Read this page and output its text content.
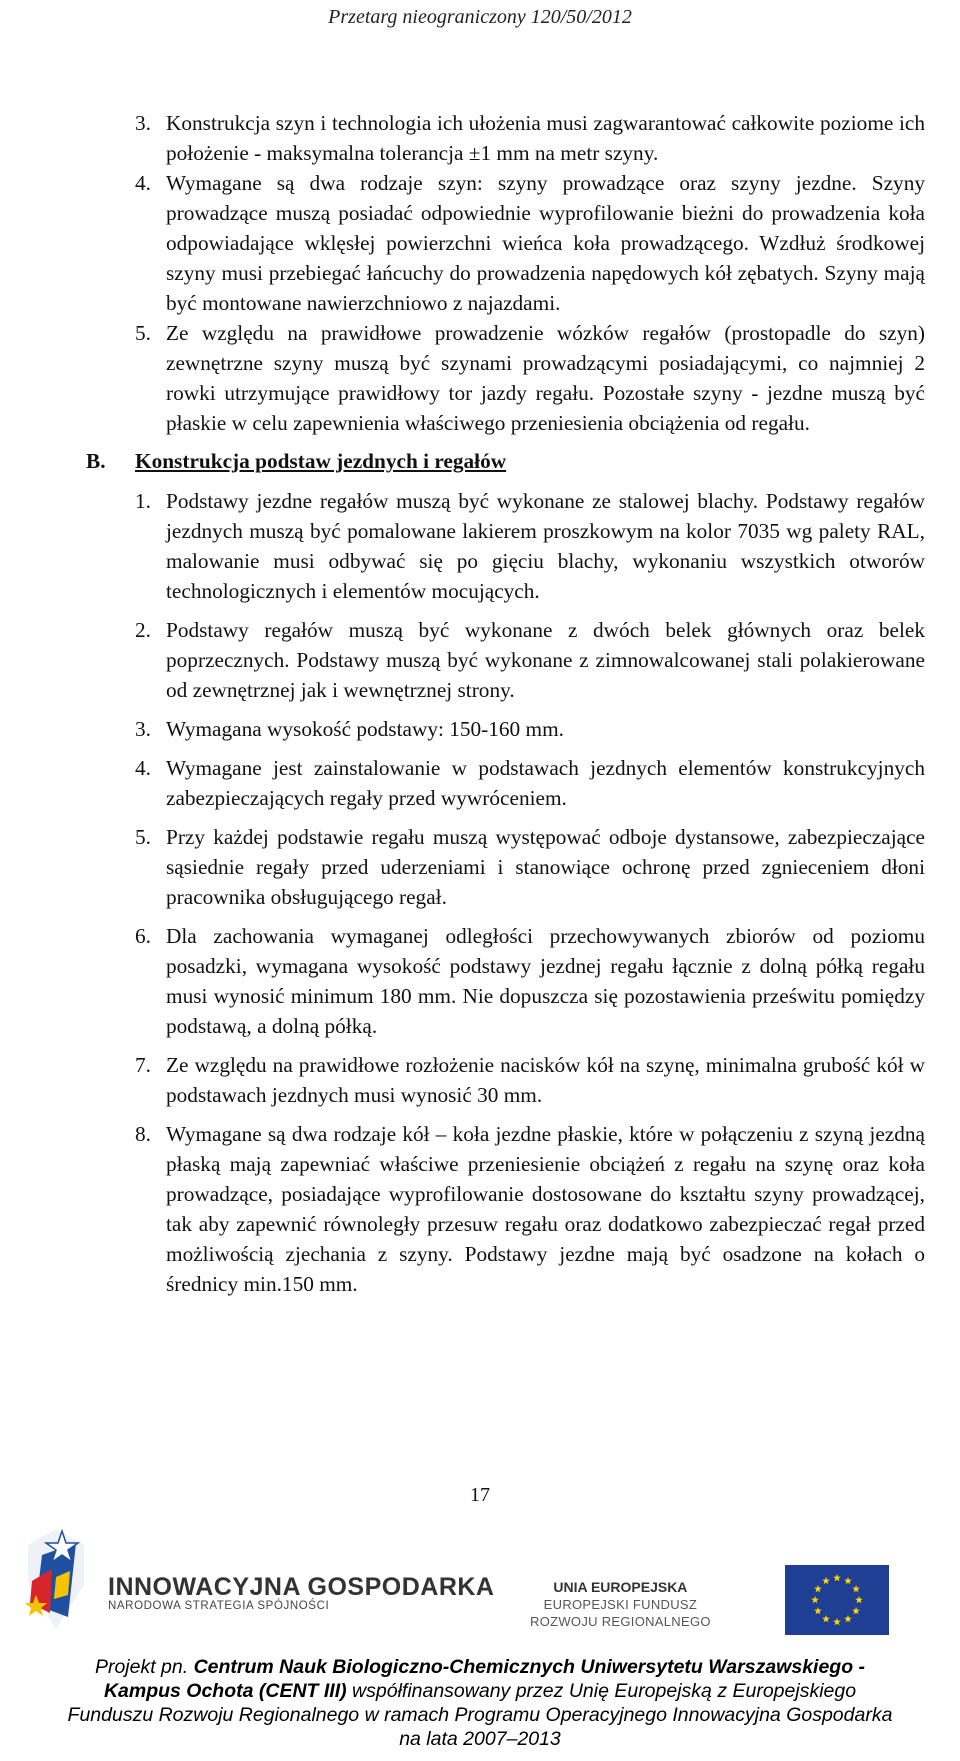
Przetarg nieograniczony 120/50/2012
3. Konstrukcja szyn i technologia ich ułożenia musi zagwarantować całkowite poziome ich położenie - maksymalna tolerancja ±1 mm na metr szyny.
4. Wymagane są dwa rodzaje szyn: szyny prowadzące oraz szyny jezdne. Szyny prowadzące muszą posiadać odpowiednie wyprofilowanie bieżni do prowadzenia koła odpowiadające wklęsłej powierzchni wieńca koła prowadzącego. Wzdłuż środkowej szyny musi przebiegać łańcuchy do prowadzenia napędowych kół zębatych. Szyny mają być montowane nawierzchniowo z najazdami.
5. Ze względu na prawidłowe prowadzenie wózków regałów (prostopadle do szyn) zewnętrzne szyny muszą być szynami prowadzącymi posiadającymi, co najmniej 2 rowki utrzymujące prawidłowy tor jazdy regału. Pozostałe szyny - jezdne muszą być płaskie w celu zapewnienia właściwego przeniesienia obciążenia od regału.
B. Konstrukcja podstaw jezdnych i regałów
1. Podstawy jezdne regałów muszą być wykonane ze stalowej blachy. Podstawy regałów jezdnych muszą być pomalowane lakierem proszkowym na kolor 7035 wg palety RAL, malowanie musi odbywać się po gięciu blachy, wykonaniu wszystkich otworów technologicznych i elementów mocujących.
2. Podstawy regałów muszą być wykonane z dwóch belek głównych oraz belek poprzecznych. Podstawy muszą być wykonane z zimnowalcowanej stali polakierowane od zewnętrznej jak i wewnętrznej strony.
3. Wymagana wysokość podstawy: 150-160 mm.
4. Wymagane jest zainstalowanie w podstawach jezdnych elementów konstrukcyjnych zabezpieczających regały przed wywróceniem.
5. Przy każdej podstawie regału muszą występować odboje dystansowe, zabezpieczające sąsiednie regały przed uderzeniami i stanowiące ochronę przed zgnieceniem dłoni pracownika obsługującego regał.
6. Dla zachowania wymaganej odległości przechowywanych zbiorów od poziomu posadzki, wymagana wysokość podstawy jezdnej regału łącznie z dolną półką regału musi wynosić minimum 180 mm. Nie dopuszcza się pozostawienia prześwitu pomiędzy podstawą, a dolną półką.
7. Ze względu na prawidłowe rozłożenie nacisków kół na szynę, minimalna grubość kół w podstawach jezdnych musi wynosić 30 mm.
8. Wymagane są dwa rodzaje kół – koła jezdne płaskie, które w połączeniu z szyną jezdną płaską mają zapewniać właściwe przeniesienie obciążeń z regału na szynę oraz koła prowadzące, posiadające wyprofilowanie dostosowane do kształtu szyny prowadzącej, tak aby zapewnić równoległy przesuw regału oraz dodatkowo zabezpieczać regał przed możliwością zjechania z szyny. Podstawy jezdne mają być osadzone na kołach o średnicy min.150 mm.
17
INNOWACYJNA GOSPODARKA
NARODOWA STRATEGIA SPÓJNOŚCI
UNIA EUROPEJSKA
EUROPEJSKI FUNDUSZ
ROZWOJU REGIONALNEGO
Projekt pn. Centrum Nauk Biologiczno-Chemicznych Uniwersytetu Warszawskiego -
Kampus Ochota (CENT III) współfinansowany przez Unię Europejską z Europejskiego
Funduszu Rozwoju Regionalnego w ramach Programu Operacyjnego Innowacyjna Gospodarka
na lata 2007–2013
